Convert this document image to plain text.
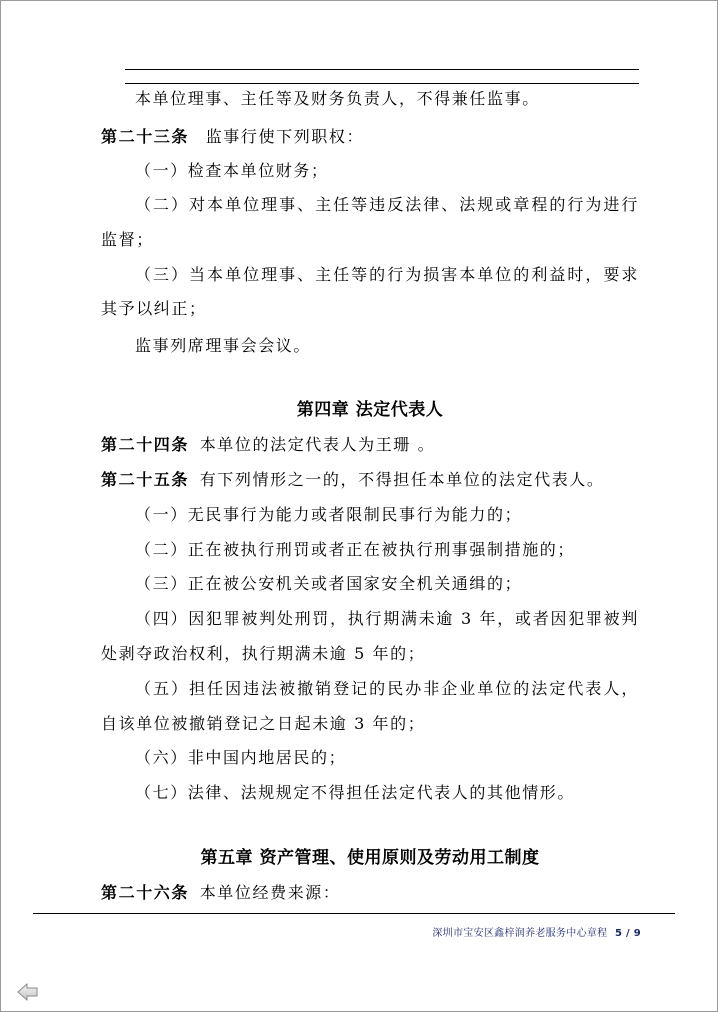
本单位理事、主任等及财务负责人，不得兼任监事。
第二十三条 监事行使下列职权：
（一）检查本单位财务；
（二）对本单位理事、主任等违反法律、法规或章程的行为进行
监督；
（三）当本单位理事、主任等的行为损害本单位的利益时，要求
其予以纠正；
监事列席理事会会议。
第四章 法定代表人
第二十四条 本单位的法定代表人为王珊 。
第二十五条 有下列情形之一的，不得担任本单位的法定代表人。
（一）无民事行为能力或者限制民事行为能力的；
（二）正在被执行刑罚或者正在被执行刑事强制措施的；
（三）正在被公安机关或者国家安全机关通缉的；
（四）因犯罪被判处刑罚，执行期满未逾 3 年，或者因犯罪被判
处剥夺政治权利，执行期满未逾 5 年的；
（五）担任因违法被撤销登记的民办非企业单位的法定代表人，
自该单位被撤销登记之日起未逾 3 年的；
（六）非中国内地居民的；
（七）法律、法规规定不得担任法定代表人的其他情形。
第五章 资产管理、使用原则及劳动用工制度
第二十六条 本单位经费来源：
深圳市宝安区鑫梓润养老服务中心章程 5 / 9
